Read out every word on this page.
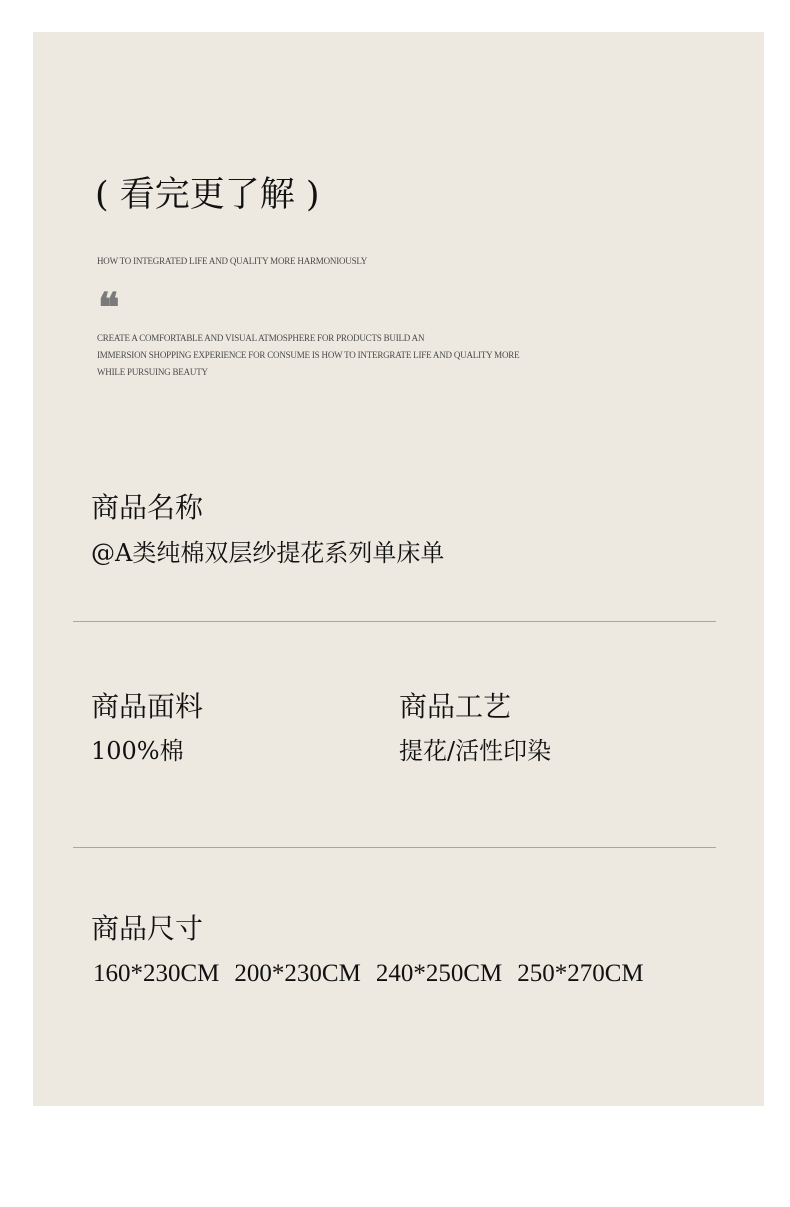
( 看完更了解 )
HOW TO INTEGRATED LIFE AND QUALITY MORE HARMONIOUSLY
❝
CREATE A COMFORTABLE AND VISUAL ATMOSPHERE FOR PRODUCTS BUILD AN
IMMERSION SHOPPING EXPERIENCE FOR CONSUME IS HOW TO INTERGRATE LIFE AND QUALITY MORE
WHILE PURSUING BEAUTY
商品名称
@A类纯棉双层纱提花系列单床单
商品面料
100%棉
商品工艺
提花/活性印染
商品尺寸
160*230CM 200*230CM 240*250CM 250*270CM
